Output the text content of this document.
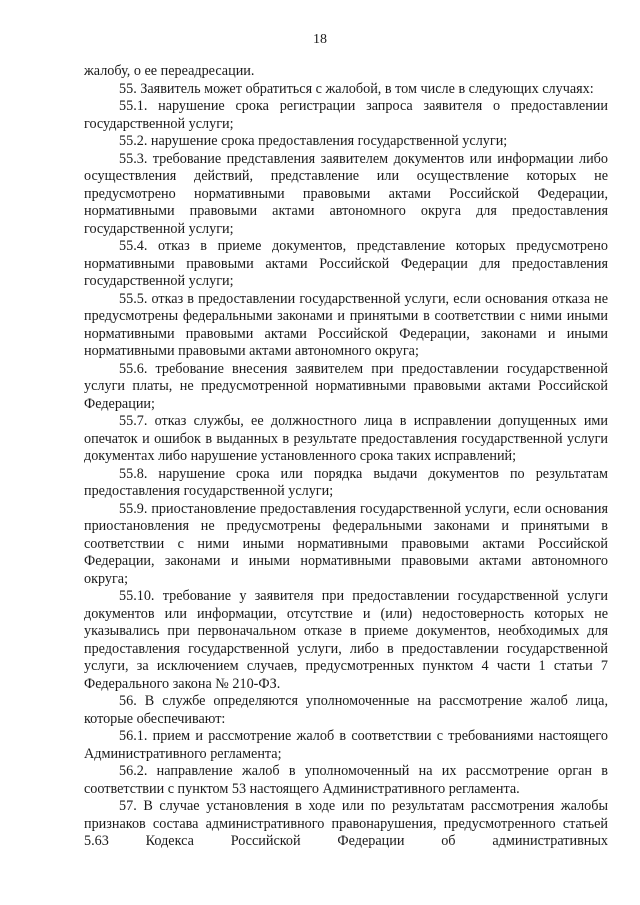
18

жалобу, о ее переадресации.

55. Заявитель может обратиться с жалобой, в том числе в следующих случаях:

55.1. нарушение срока регистрации запроса заявителя о предоставлении государственной услуги;

55.2. нарушение срока предоставления государственной услуги;

55.3. требование представления заявителем документов или информации либо осуществления действий, представление или осуществление которых не предусмотрено нормативными правовыми актами Российской Федерации, нормативными правовыми актами автономного округа для предоставления государственной услуги;

55.4. отказ в приеме документов, представление которых предусмотрено нормативными правовыми актами Российской Федерации для предоставления государственной услуги;

55.5. отказ в предоставлении государственной услуги, если основания отказа не предусмотрены федеральными законами и принятыми в соответствии с ними иными нормативными правовыми актами Российской Федерации, законами и иными нормативными правовыми актами автономного округа;

55.6. требование внесения заявителем при предоставлении государственной услуги платы, не предусмотренной нормативными правовыми актами Российской Федерации;

55.7. отказ службы, ее должностного лица в исправлении допущенных ими опечаток и ошибок в выданных в результате предоставления государственной услуги документах либо нарушение установленного срока таких исправлений;

55.8. нарушение срока или порядка выдачи документов по результатам предоставления государственной услуги;

55.9. приостановление предоставления государственной услуги, если основания приостановления не предусмотрены федеральными законами и принятыми в соответствии с ними иными нормативными правовыми актами Российской Федерации, законами и иными нормативными правовыми актами автономного округа;

55.10. требование у заявителя при предоставлении государственной услуги документов или информации, отсутствие и (или) недостоверность которых не указывались при первоначальном отказе в приеме документов, необходимых для предоставления государственной услуги, либо в предоставлении государственной услуги, за исключением случаев, предусмотренных пунктом 4 части 1 статьи 7 Федерального закона № 210-ФЗ.

56. В службе определяются уполномоченные на рассмотрение жалоб лица, которые обеспечивают:

56.1. прием и рассмотрение жалоб в соответствии с требованиями настоящего Административного регламента;

56.2. направление жалоб в уполномоченный на их рассмотрение орган в соответствии с пунктом 53 настоящего Административного регламента.

57. В случае установления в ходе или по результатам рассмотрения жалобы признаков состава административного правонарушения, предусмотренного статьей 5.63 Кодекса Российской Федерации об административных
